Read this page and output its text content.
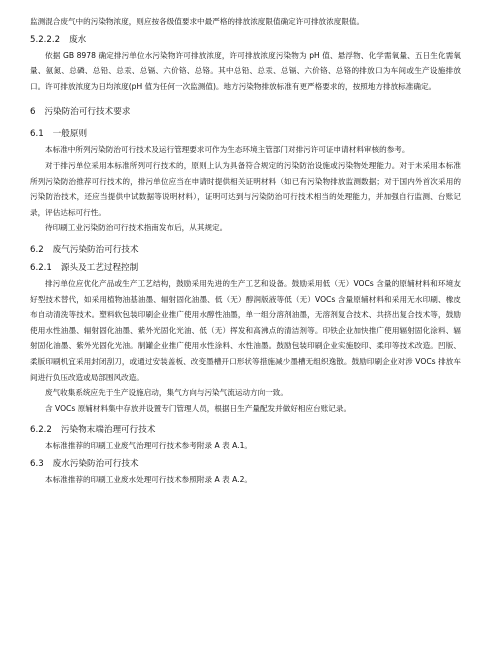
监测混合废气中的污染物浓度，则应按各级值要求中最严格的排放浓度限值确定许可排放浓度限值。

5.2.2.2 废水

依据 GB 8978 确定排污单位水污染物许可排放浓度，许可排放浓度污染物为 pH 值、悬浮物、化学需氧量、五日生化需氧量、氨氮、总磷、总铅、总汞、总镉、六价铬、总铬。其中总铅、总汞、总镉、六价铬、总铬的排放口为车间或生产设施排放口。许可排放浓度为日均浓度(pH 值为任何一次监测值)。地方污染物排放标准有更严格要求的，按照地方排放标准确定。

6 污染防治可行技术要求
6.1 一般原则

本标准中所列污染防治可行技术及运行管理要求可作为生态环境主管部门对排污许可证申请材料审核的参考。

对于排污单位采用本标准所列可行技术的，原则上认为具备符合规定的污染防治设施或污染物处理能力。对于未采用本标准所列污染防治推荐可行技术的，排污单位应当在申请时提供相关证明材料（如已有污染物排放监测数据；对于国内外首次采用的污染防治技术，还应当提供中试数据等说明材料），证明可达到与污染防治可行技术相当的处理能力，并加强自行监测、台账记录，评估达标可行性。

待印刷工业污染防治可行技术指南发布后，从其规定。

6.2 废气污染防治可行技术
6.2.1 源头及工艺过程控制

排污单位应优化产品或生产工艺结构，鼓励采用先进的生产工艺和设备。鼓励采用低（无）VOCs 含量的原辅材料和环境友好型技术替代，如采用植物油基油墨、辐射固化油墨、低（无）醇润版液等低（无）VOCs 含量原辅材料和采用无水印刷、橡皮布自动清洗等技术。塑料软包装印刷企业推广使用水醇性油墨，单一组分溶剂油墨，无溶剂复合技术、共挤出复合技术等，鼓励使用水性油墨、辐射固化油墨、紫外光固化光油、低（无）挥发和高沸点的清洁剂等。印铁企业加快推广使用辐射固化涂料、辐射固化油墨、紫外光固化光油。制罐企业推广使用水性涂料、水性油墨。鼓励包装印刷企业实施胶印、柔印等技术改造。凹版、柔版印刷机宜采用封闭刮刀，或通过安装盖板、改变墨槽开口形状等措施减少墨槽无组织逸散。鼓励印刷企业对涉 VOCs 排放车间进行负压改造或局部围风改造。

废气收集系统应先于生产设施启动，集气方向与污染气流运动方向一致。

含 VOCs 原辅材料集中存放并设置专门管理人员，根据日生产量配发并做好相应台账记录。

6.2.2 污染物末端治理可行技术

本标准推荐的印刷工业废气治理可行技术参考附录 A 表 A.1。

6.3 废水污染防治可行技术

本标准推荐的印刷工业废水处理可行技术参照附录 A 表 A.2。
